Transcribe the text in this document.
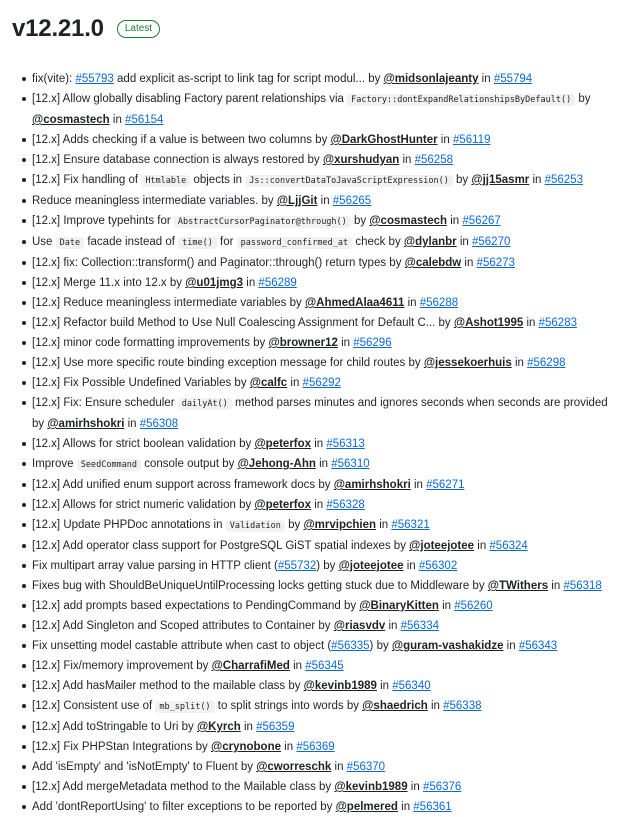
v12.21.0	Latest
fix(vite): #55793 add explicit as-script to link tag for script modul... by @midsonlajeanty in #55794
[12.x] Allow globally disabling Factory parent relationships via Factory::dontExpandRelationshipsByDefault() by @cosmastech in #56154
[12.x] Adds checking if a value is between two columns by @DarkGhostHunter in #56119
[12.x] Ensure database connection is always restored by @xurshudyan in #56258
[12.x] Fix handling of Htmlable objects in Js::convertDataToJavaScriptExpression() by @jj15asmr in #56253
Reduce meaningless intermediate variables. by @LjjGit in #56265
[12.x] Improve typehints for AbstractCursorPaginator@through() by @cosmastech in #56267
Use Date facade instead of time() for password_confirmed_at check by @dylanbr in #56270
[12.x] fix: Collection::transform() and Paginator::through() return types by @calebdw in #56273
[12.x] Merge 11.x into 12.x by @u01jmg3 in #56289
[12.x] Reduce meaningless intermediate variables by @AhmedAlaa4611 in #56288
[12.x] Refactor build Method to Use Null Coalescing Assignment for Default C... by @Ashot1995 in #56283
[12.x] minor code formatting improvements by @browner12 in #56296
[12.x] Use more specific route binding exception message for child routes by @jessekoerhuis in #56298
[12.x] Fix Possible Undefined Variables by @calfc in #56292
[12.x] Fix: Ensure scheduler dailyAt() method parses minutes and ignores seconds when seconds are provided by @amirhshokri in #56308
[12.x] Allows for strict boolean validation by @peterfox in #56313
Improve SeedCommand console output by @Jehong-Ahn in #56310
[12.x] Add unified enum support across framework docs by @amirhshokri in #56271
[12.x] Allows for strict numeric validation by @peterfox in #56328
[12.x] Update PHPDoc annotations in Validation by @mrvipchien in #56321
[12.x] Add operator class support for PostgreSQL GiST spatial indexes by @joteejotee in #56324
Fix multipart array value parsing in HTTP client (#55732) by @joteejotee in #56302
Fixes bug with ShouldBeUniqueUntilProcessing locks getting stuck due to Middleware by @TWithers in #56318
[12.x] add prompts based expectations to PendingCommand by @BinaryKitten in #56260
[12.x] Add Singleton and Scoped attributes to Container by @riasvdv in #56334
Fix unsetting model castable attribute when cast to object (#56335) by @guram-vashakidze in #56343
[12.x] Fix/memory improvement by @CharrafiMed in #56345
[12.x] Add hasMailer method to the mailable class by @kevinb1989 in #56340
[12.x] Consistent use of mb_split() to split strings into words by @shaedrich in #56338
[12.x] Add toStringable to Uri by @Kyrch in #56359
[12.x] Fix PHPStan Integrations by @crynobone in #56369
Add 'isEmpty' and 'isNotEmpty' to Fluent by @cworreschk in #56370
[12.x] Add mergeMetadata method to the Mailable class by @kevinb1989 in #56376
Add 'dontReportUsing' to filter exceptions to be reported by @pelmered in #56361
